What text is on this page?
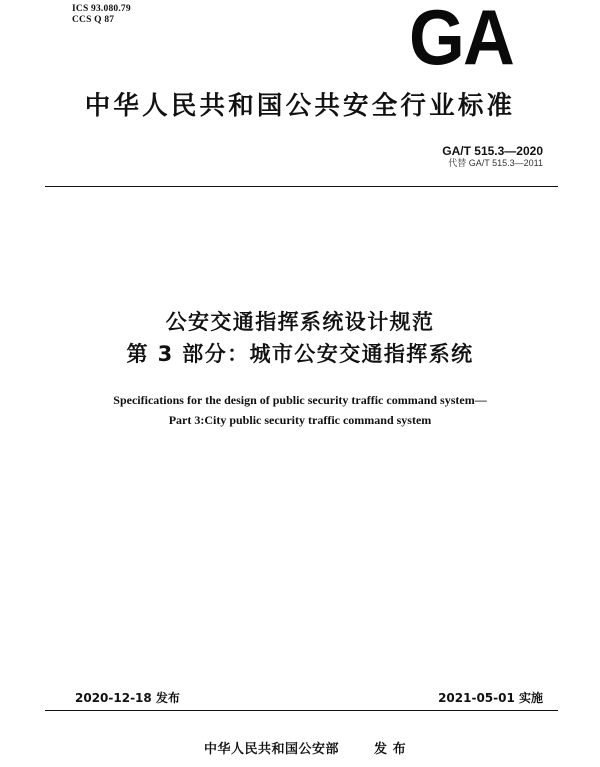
ICS 93.080.79
CCS Q 87	GA
中华人民共和国公共安全行业标准
GA/T 515.3—2020
代替 GA/T 515.3—2011
公安交通指挥系统设计规范
第 3 部分：城市公安交通指挥系统
Specifications for the design of public security traffic command system—
Part 3:City public security traffic command system
2020-12-18 发布	2021-05-01 实施
中华人民共和国公安部	发 布
